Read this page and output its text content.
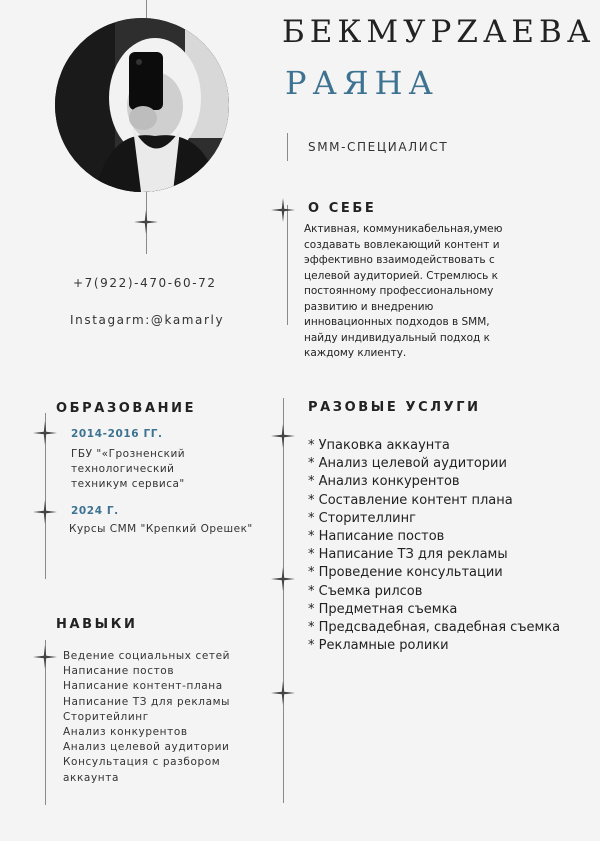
БЕКМУРZАЕВА
РАЯНА
SMM-СПЕЦИАЛИСТ
+7(922)-470-60-72
Instagarm:@kamarly
О СЕБЕ
Активная, коммуникабельная,умею создавать вовлекающий контент и эффективно взаимодействовать с целевой аудиторией. Стремлюсь к постоянному профессиональному развитию и внедрению инновационных подходов в SMM, найду индивидуальный подход к каждому клиенту.
ОБРАЗОВАНИЕ
2014-2016 ГГ.
ГБУ "«Грозненский технологический техникум сервиса"
2024 Г.
Курсы СММ "Крепкий Орешек"
РАЗОВЫЕ УСЛУГИ
* Упаковка аккаунта
* Анализ целевой аудитории
* Анализ конкурентов
* Составление контент плана
* Сторителлинг
* Написание постов
* Написание ТЗ для рекламы
* Проведение консультации
* Съемка рилсов
* Предметная съемка
* Предсвадебная, свадебная съемка
* Рекламные ролики
НАВЫКИ
Ведение социальных сетей
Написание постов
Написание контент-плана
Написание ТЗ для рекламы
Сторитейлинг
Анализ конкурентов
Анализ целевой аудитории
Консультация с разбором
аккаунта
